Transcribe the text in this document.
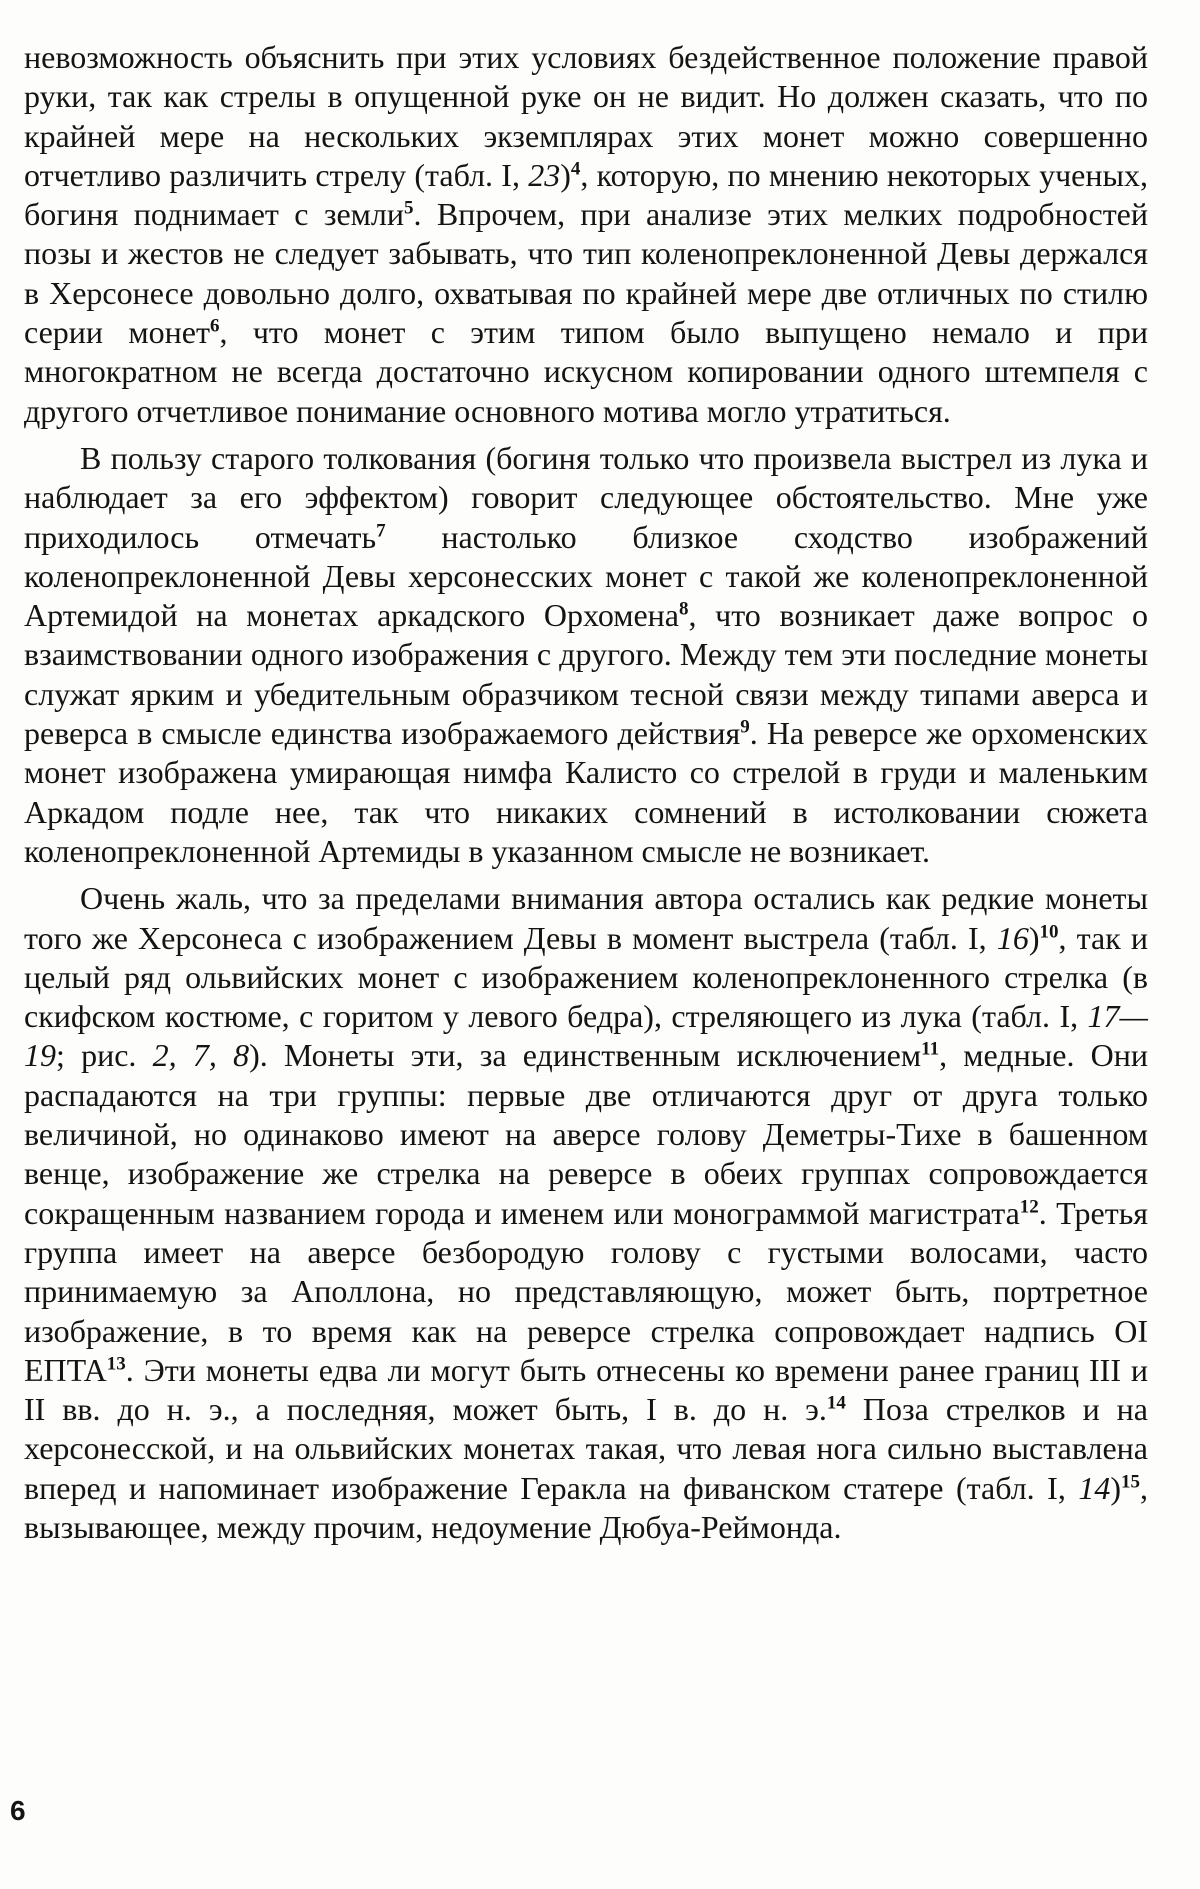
невозможность объяснить при этих условиях бездейственное положение правой руки, так как стрелы в опущенной руке он не видит. Но должен сказать, что по крайней мере на нескольких экземплярах этих монет можно совершенно отчетливо различить стрелу (табл. I, 23)$^4$, которую, по мнению некоторых ученых, богиня поднимает с земли$^5$. Впрочем, при анализе этих мелких подробностей позы и жестов не следует забывать, что тип коленопреклоненной Девы держался в Херсонесе довольно долго, охватывая по крайней мере две отличных по стилю серии монет$^6$, что монет с этим типом было выпущено немало и при многократном не всегда достаточно искусном копировании одного штемпеля с другого отчетливое понимание основного мотива могло утратиться.

В пользу старого толкования (богиня только что произвела выстрел из лука и наблюдает за его эффектом) говорит следующее обстоятельство. Мне уже приходилось отмечать$^7$ настолько близкое сходство изображений коленопреклоненной Девы херсонесских монет с такой же коленопреклоненной Артемидой на монетах аркадского Орхомена$^8$, что возникает даже вопрос о взаимствовании одного изображения с другого. Между тем эти последние монеты служат ярким и убедительным образчиком тесной связи между типами аверса и реверса в смысле единства изображаемого действия$^9$. На реверсе же орхоменских монет изображена умирающая нимфа Калисто со стрелой в груди и маленьким Аркадом подле нее, так что никаких сомнений в истолковании сюжета коленопреклоненной Артемиды в указанном смысле не возникает.

Очень жаль, что за пределами внимания автора остались как редкие монеты того же Херсонеса с изображением Девы в момент выстрела (табл. I, 16)$^{10}$, так и целый ряд ольвийских монет с изображением коленопреклоненного стрелка (в скифском костюме, с горитом у левого бедра), стреляющего из лука (табл. I, 17—19; рис. 2, 7, 8). Монеты эти, за единственным исключением$^{11}$, медные. Они распадаются на три группы: первые две отличаются друг от друга только величиной, но одинаково имеют на аверсе голову Деметры-Тихе в башенном венце, изображение же стрелка на реверсе в обеих группах сопровождается сокращенным названием города и именем или монограммой магистрата$^{12}$. Третья группа имеет на аверсе безбородую голову с густыми волосами, часто принимаемую за Аполлона, но представляющую, может быть, портретное изображение, в то время как на реверсе стрелка сопровождает надпись ΟΙ ΕΠΤΑ$^{13}$. Эти монеты едва ли могут быть отнесены ко времени ранее границ III и II вв. до н. э., а последняя, может быть, I в. до н. э.$^{14}$ Поза стрелков и на херсонесской, и на ольвийских монетах такая, что левая нога сильно выставлена вперед и напоминает изображение Геракла на фиванском статере (табл. I, 14)$^{15}$, вызывающее, между прочим, недоумение Дюбуа-Реймонда.

6
